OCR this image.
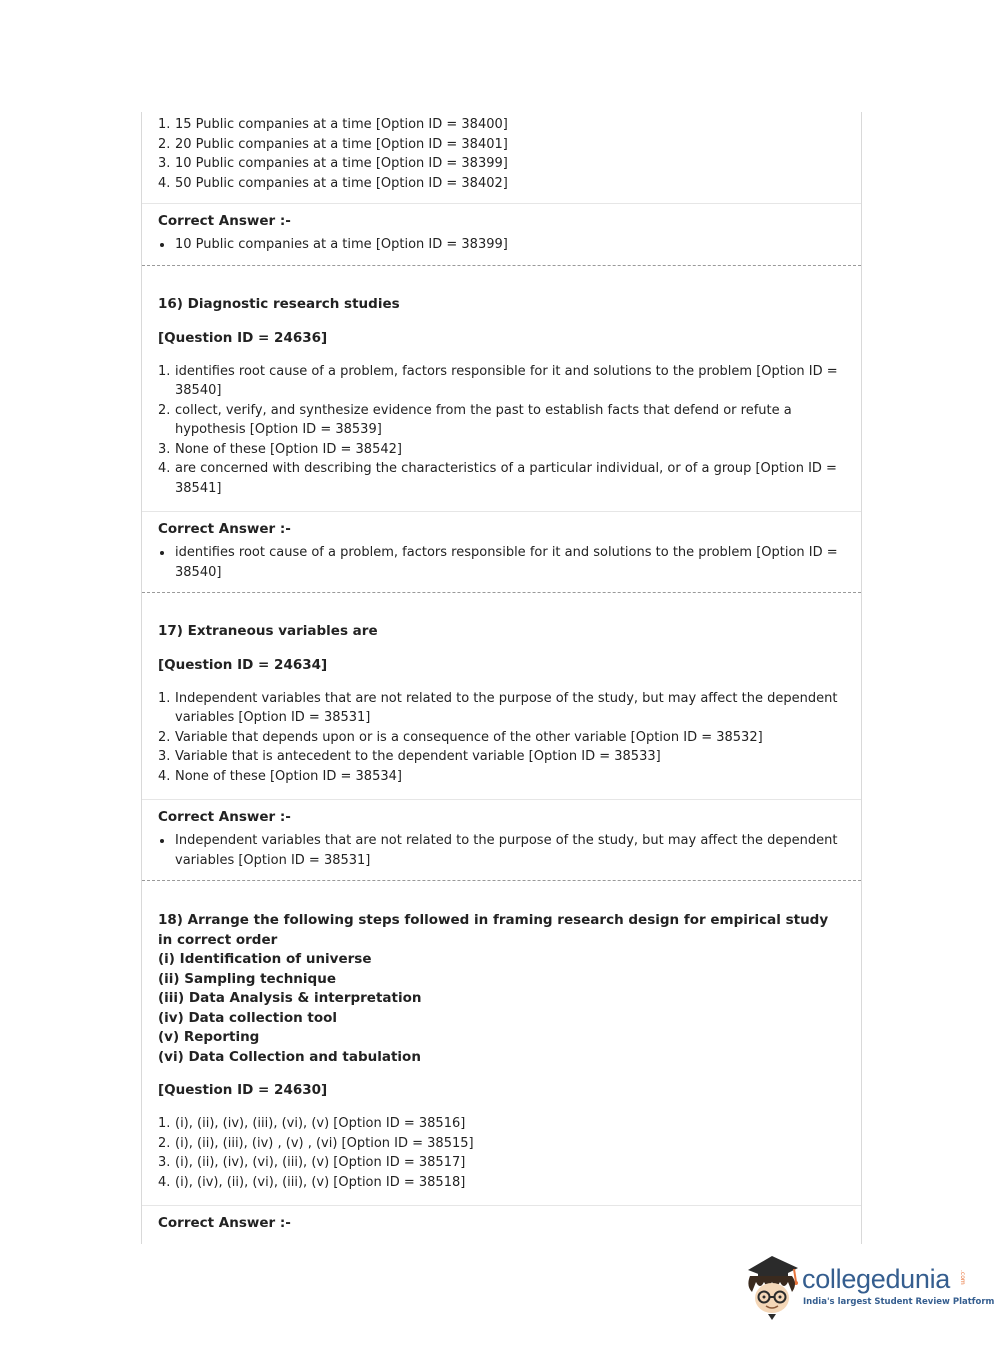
1. 15 Public companies at a time [Option ID = 38400]
2. 20 Public companies at a time [Option ID = 38401]
3. 10 Public companies at a time [Option ID = 38399]
4. 50 Public companies at a time [Option ID = 38402]
Correct Answer :-
10 Public companies at a time [Option ID = 38399]
16) Diagnostic research studies
[Question ID = 24636]
1. identifies root cause of a problem, factors responsible for it and solutions to the problem [Option ID = 38540]
2. collect, verify, and synthesize evidence from the past to establish facts that defend or refute a hypothesis [Option ID = 38539]
3. None of these [Option ID = 38542]
4. are concerned with describing the characteristics of a particular individual, or of a group [Option ID = 38541]
Correct Answer :-
identifies root cause of a problem, factors responsible for it and solutions to the problem [Option ID = 38540]
17) Extraneous variables are
[Question ID = 24634]
1. Independent variables that are not related to the purpose of the study, but may affect the dependent variables [Option ID = 38531]
2. Variable that depends upon or is a consequence of the other variable [Option ID = 38532]
3. Variable that is antecedent to the dependent variable [Option ID = 38533]
4. None of these [Option ID = 38534]
Correct Answer :-
Independent variables that are not related to the purpose of the study, but may affect the dependent variables [Option ID = 38531]
18) Arrange the following steps followed in framing research design for empirical study in correct order
(i) Identification of universe
(ii) Sampling technique
(iii) Data Analysis & interpretation
(iv) Data collection tool
(v) Reporting
(vi) Data Collection and tabulation
[Question ID = 24630]
1. (i), (ii), (iv), (iii), (vi), (v) [Option ID = 38516]
2. (i), (ii), (iii), (iv) , (v) , (vi) [Option ID = 38515]
3. (i), (ii), (iv), (vi), (iii), (v) [Option ID = 38517]
4. (i), (iv), (ii), (vi), (iii), (v) [Option ID = 38518]
Correct Answer :-
collegedunia .com
India's largest Student Review Platform
